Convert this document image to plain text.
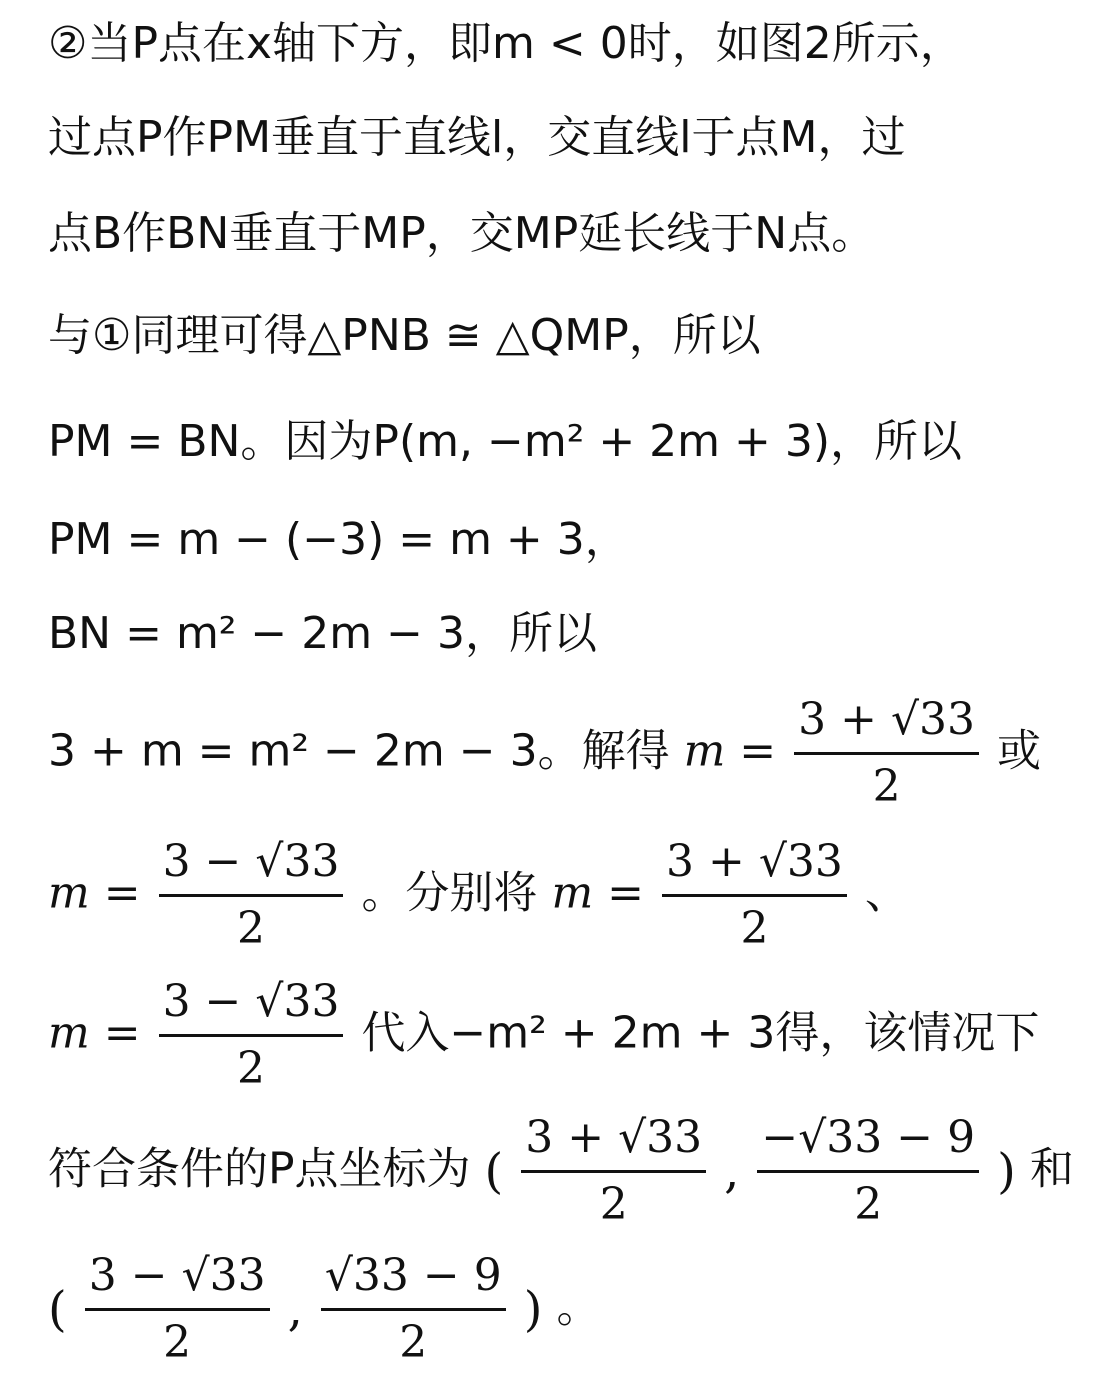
②当P点在x轴下方，即m < 0时，如图2所示，
过点P作PM垂直于直线l，交直线l于点M，过
点B作BN垂直于MP，交MP延长线于N点。
与①同理可得△PNB ≅ △QMP，所以
PM = BN。因为P(m, −m² + 2m + 3)，所以
PM = m − (−3) = m + 3，
BN = m² − 2m − 3，所以
3 + m = m² − 2m − 3。解得 $m = \frac{3 + √33}{2}$ 或
$m = \frac{3 - √33}{2}$ 。分别将 $m = \frac{3 + √33}{2}$ 、
$m = \frac{3 - √33}{2}$ 代入−m² + 2m + 3得，该情况下
符合条件的P点坐标为 ( $\frac{3 + √33}{2}$ , $\frac{-√33 - 9}{2}$ ) 和
( $\frac{3 - √33}{2}$ , $\frac{√33 - 9}{2}$ ) 。
